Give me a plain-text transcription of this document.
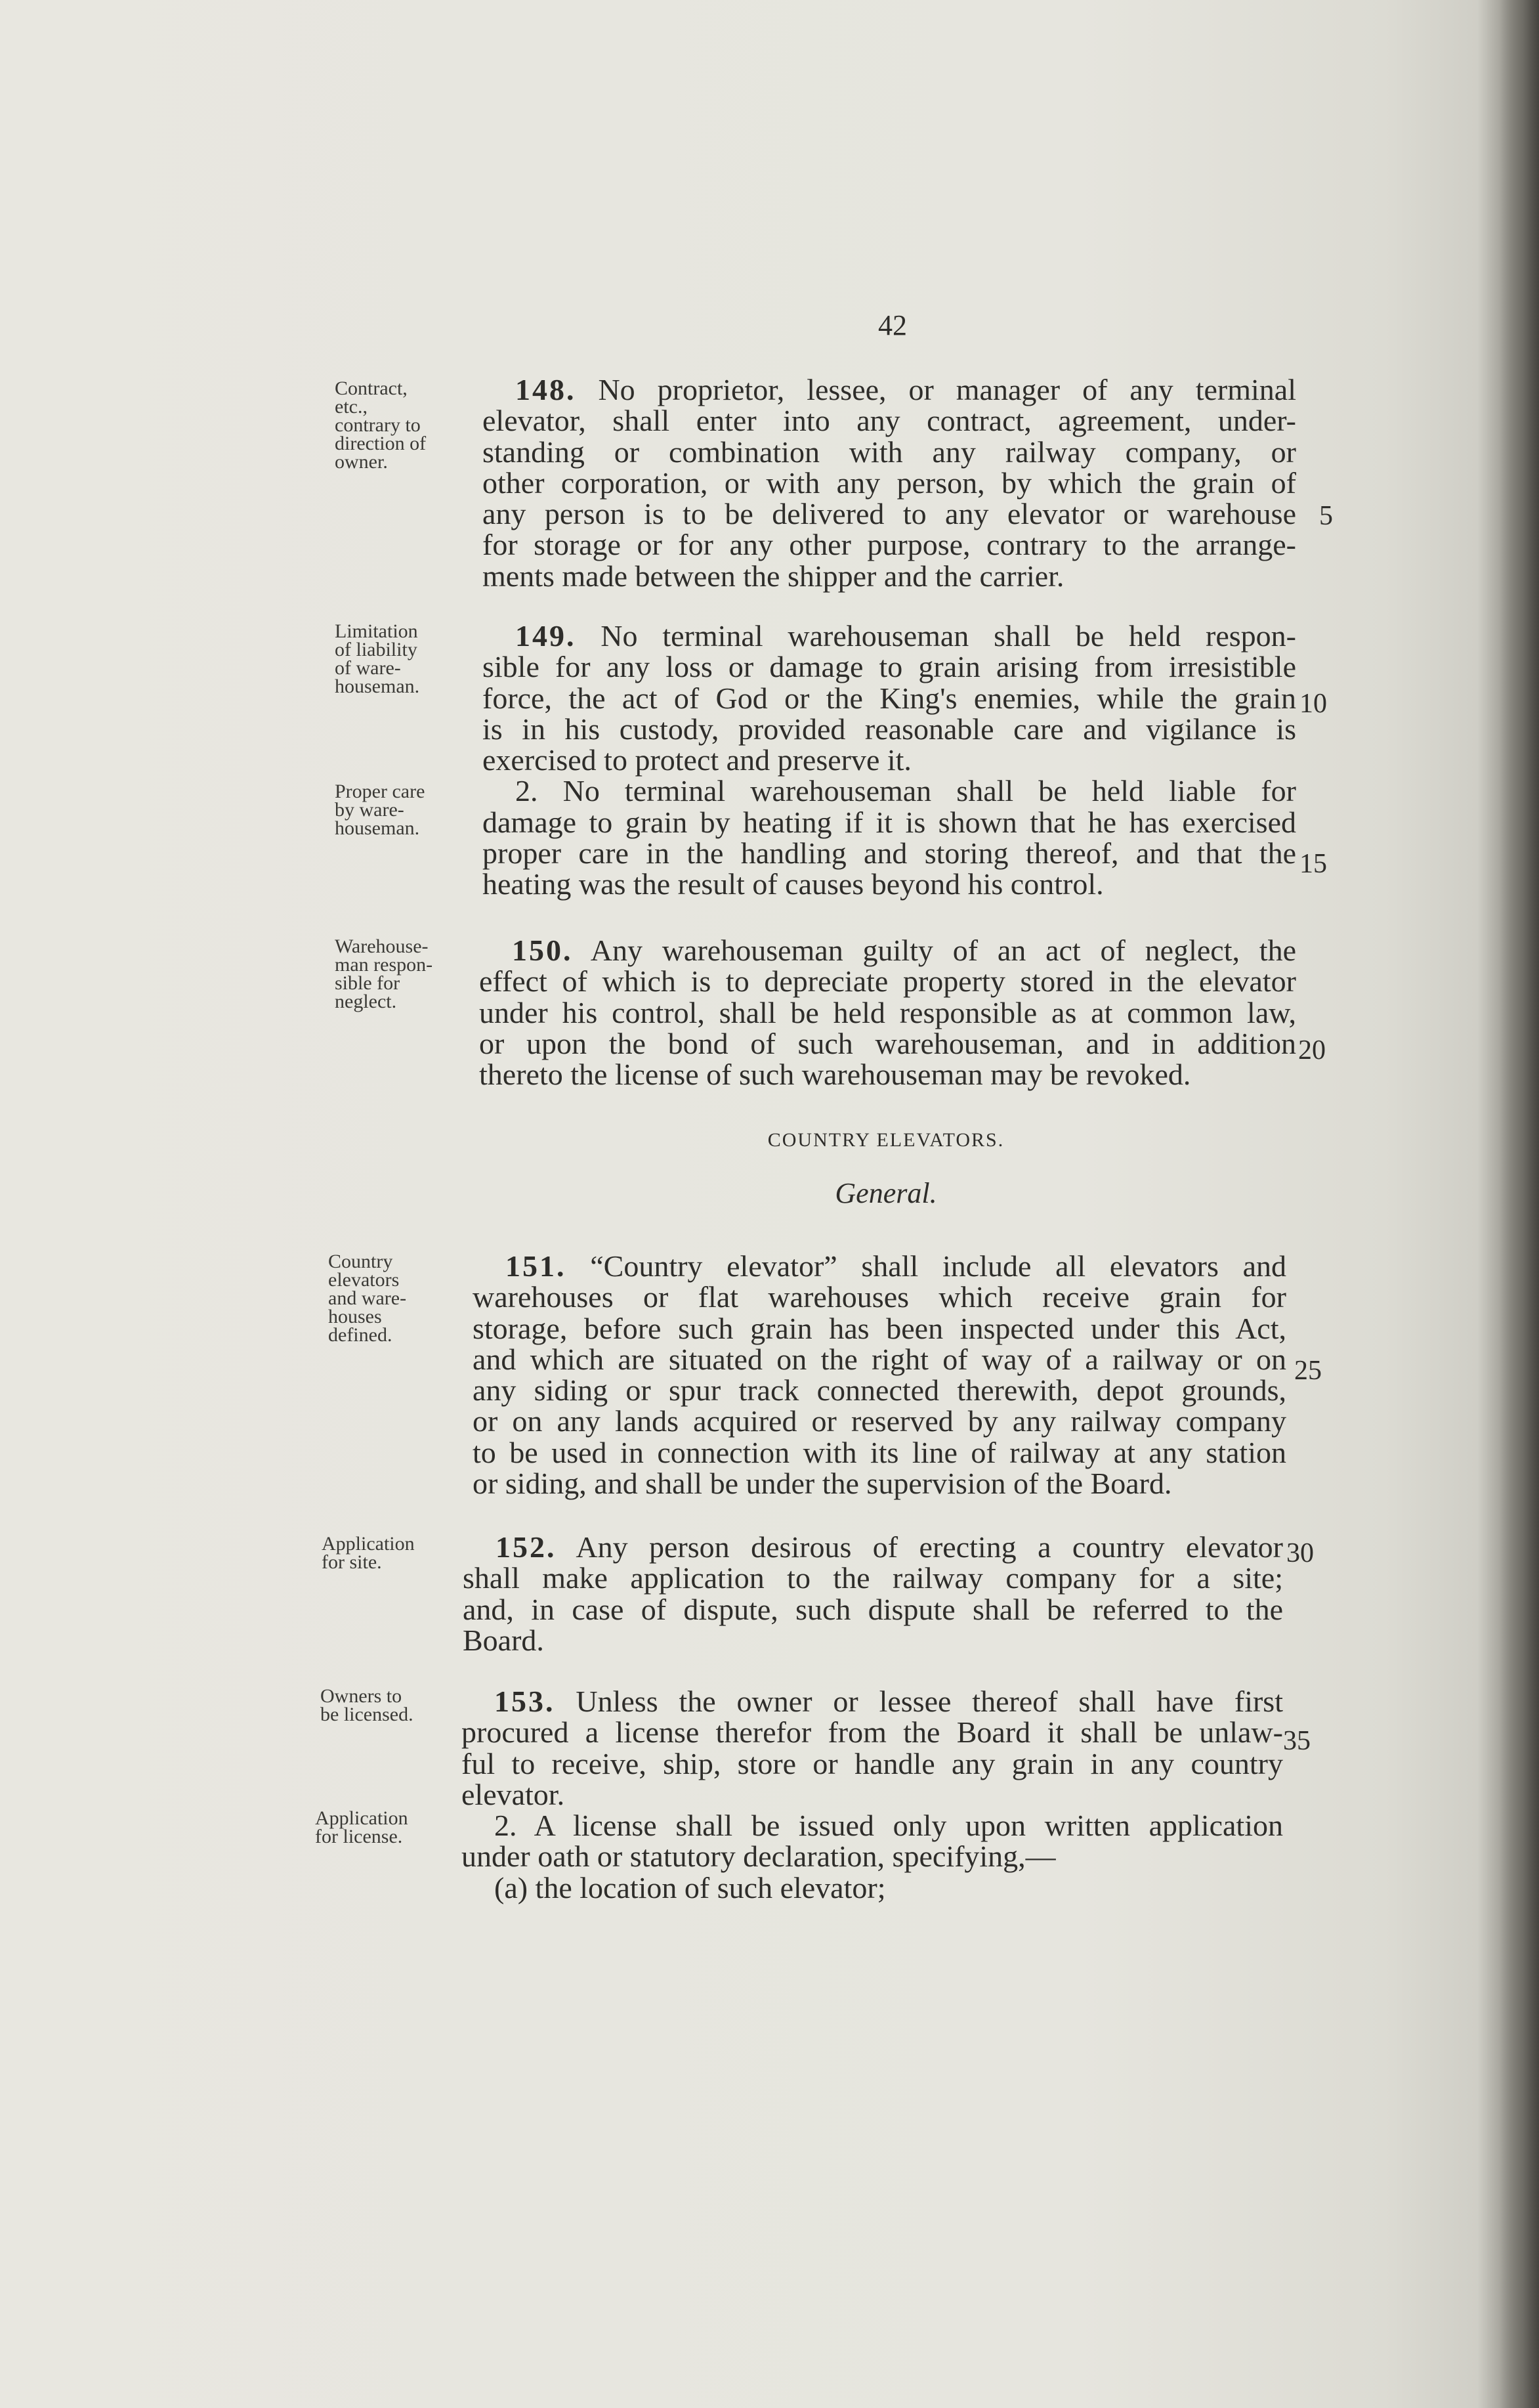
42
Contract,
etc.,
contrary to
direction of
owner.
Limitation
of liability
of ware-
houseman.
Proper care
by ware-
houseman.
Warehouse-
man respon-
sible for
neglect.
Country
elevators
and ware-
houses
defined.
Application
for site.
Owners to
be licensed.
Application
for license.
148. No proprietor, lessee, or manager of any terminal
elevator, shall enter into any contract, agreement, under-
standing or combination with any railway company, or
other corporation, or with any person, by which the grain of
any person is to be delivered to any elevator or warehouse
for storage or for any other purpose, contrary to the arrange-
ments made between the shipper and the carrier.
149. No terminal warehouseman shall be held respon-
sible for any loss or damage to grain arising from irresistible
force, the act of God or the King's enemies, while the grain
is in his custody, provided reasonable care and vigilance is
exercised to protect and preserve it.
2. No terminal warehouseman shall be held liable for
damage to grain by heating if it is shown that he has exercised
proper care in the handling and storing thereof, and that the
heating was the result of causes beyond his control.
150. Any warehouseman guilty of an act of neglect, the
effect of which is to depreciate property stored in the elevator
under his control, shall be held responsible as at common law,
or upon the bond of such warehouseman, and in addition
thereto the license of such warehouseman may be revoked.
COUNTRY ELEVATORS.
General.
151. “Country elevator” shall include all elevators and
warehouses or flat warehouses which receive grain for
storage, before such grain has been inspected under this Act,
and which are situated on the right of way of a railway or on
any siding or spur track connected therewith, depot grounds,
or on any lands acquired or reserved by any railway company
to be used in connection with its line of railway at any station
or siding, and shall be under the supervision of the Board.
152. Any person desirous of erecting a country elevator
shall make application to the railway company for a site;
and, in case of dispute, such dispute shall be referred to the
Board.
153. Unless the owner or lessee thereof shall have first
procured a license therefor from the Board it shall be unlaw-
ful to receive, ship, store or handle any grain in any country
elevator.
2. A license shall be issued only upon written application
under oath or statutory declaration, specifying,—
(a) the location of such elevator;
5
10
15
20
25
30
35
